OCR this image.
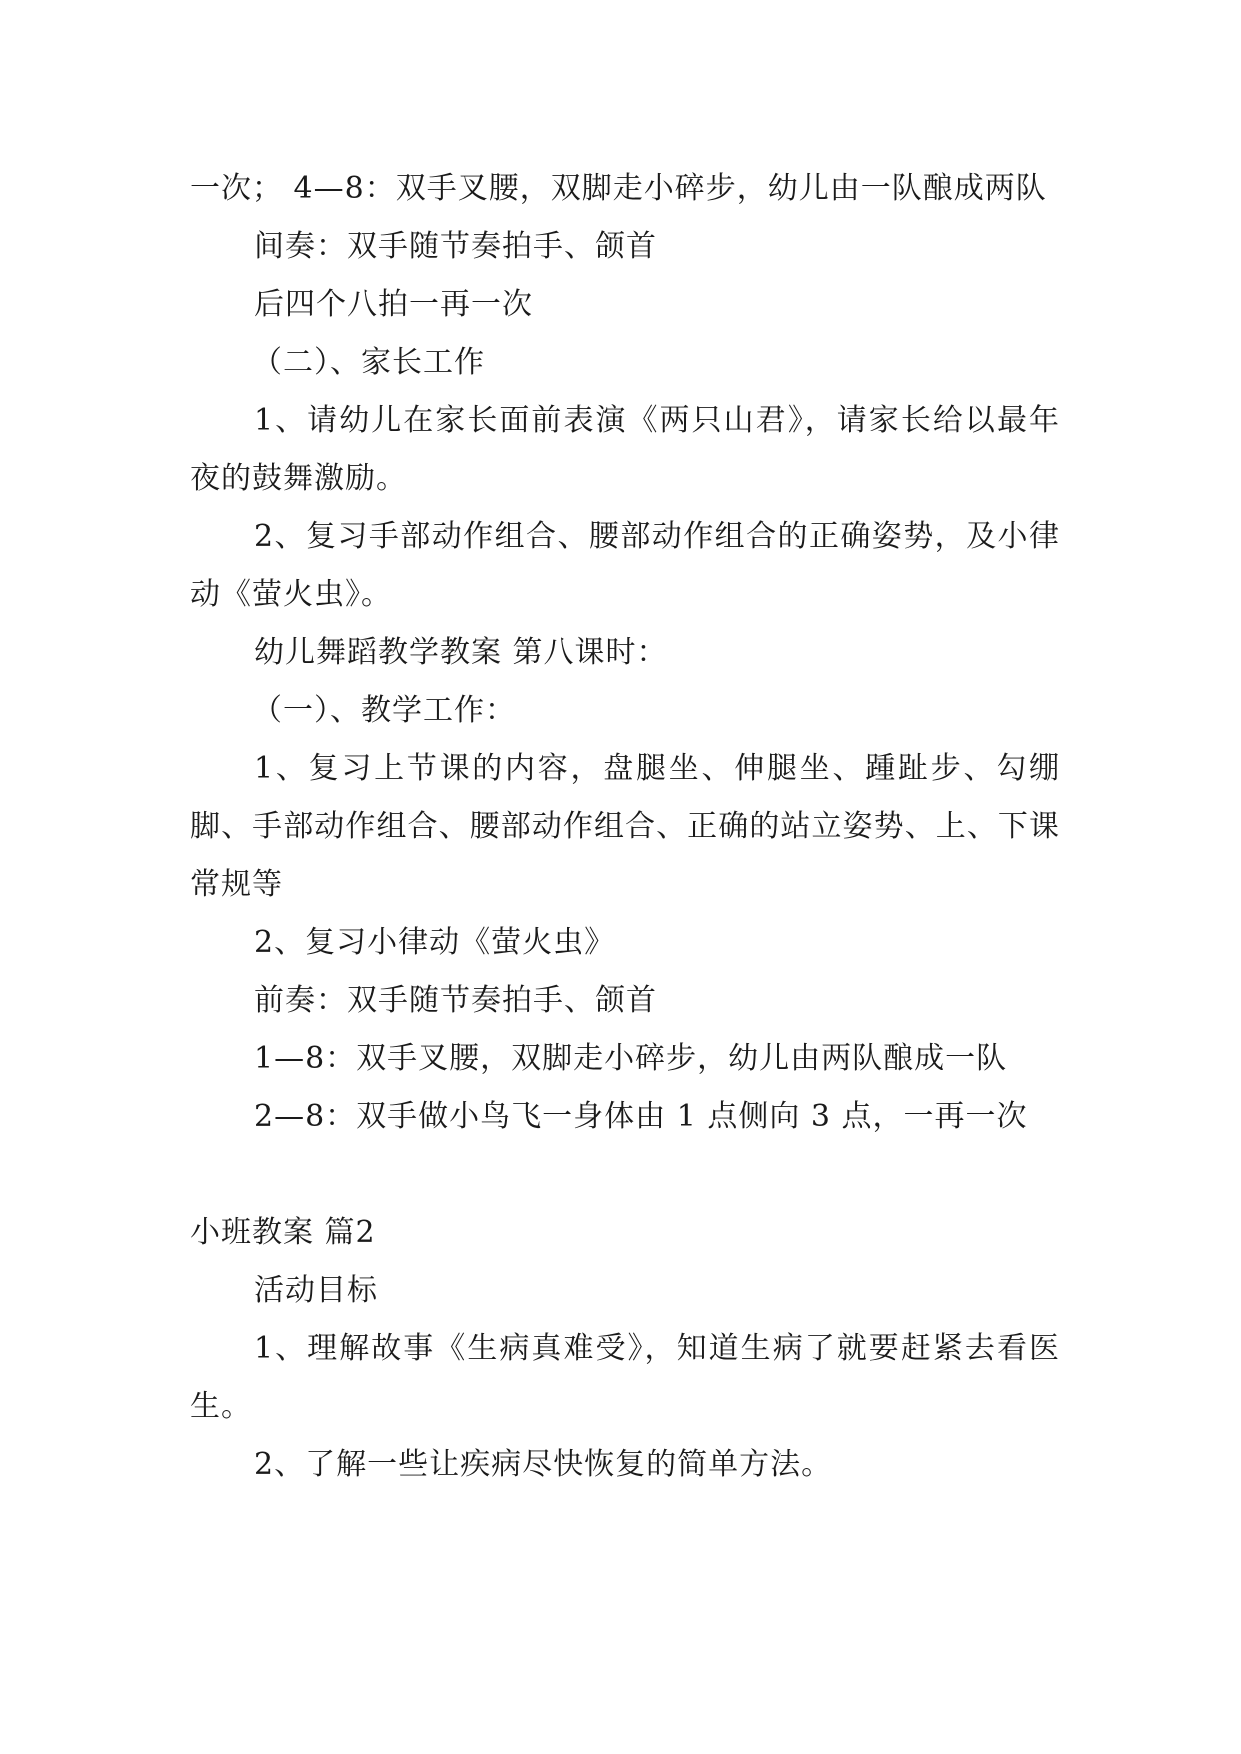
一次； 4—8：双手叉腰，双脚走小碎步，幼儿由一队酿成两队

间奏：双手随节奏拍手、颌首

后四个八拍一再一次

（二）、家长工作

1、请幼儿在家长面前表演《两只山君》，请家长给以最年夜的鼓舞激励。

2、复习手部动作组合、腰部动作组合的正确姿势，及小律动《萤火虫》。

幼儿舞蹈教学教案 第八课时：

（一）、教学工作：

1、复习上节课的内容，盘腿坐、伸腿坐、踵趾步、勾绷脚、手部动作组合、腰部动作组合、正确的站立姿势、上、下课常规等

2、复习小律动《萤火虫》

前奏：双手随节奏拍手、颌首

1—8：双手叉腰，双脚走小碎步，幼儿由两队酿成一队

2—8：双手做小鸟飞一身体由 1 点侧向 3 点，一再一次

小班教案 篇2

活动目标

1、理解故事《生病真难受》，知道生病了就要赶紧去看医生。

2、了解一些让疾病尽快恢复的简单方法。
